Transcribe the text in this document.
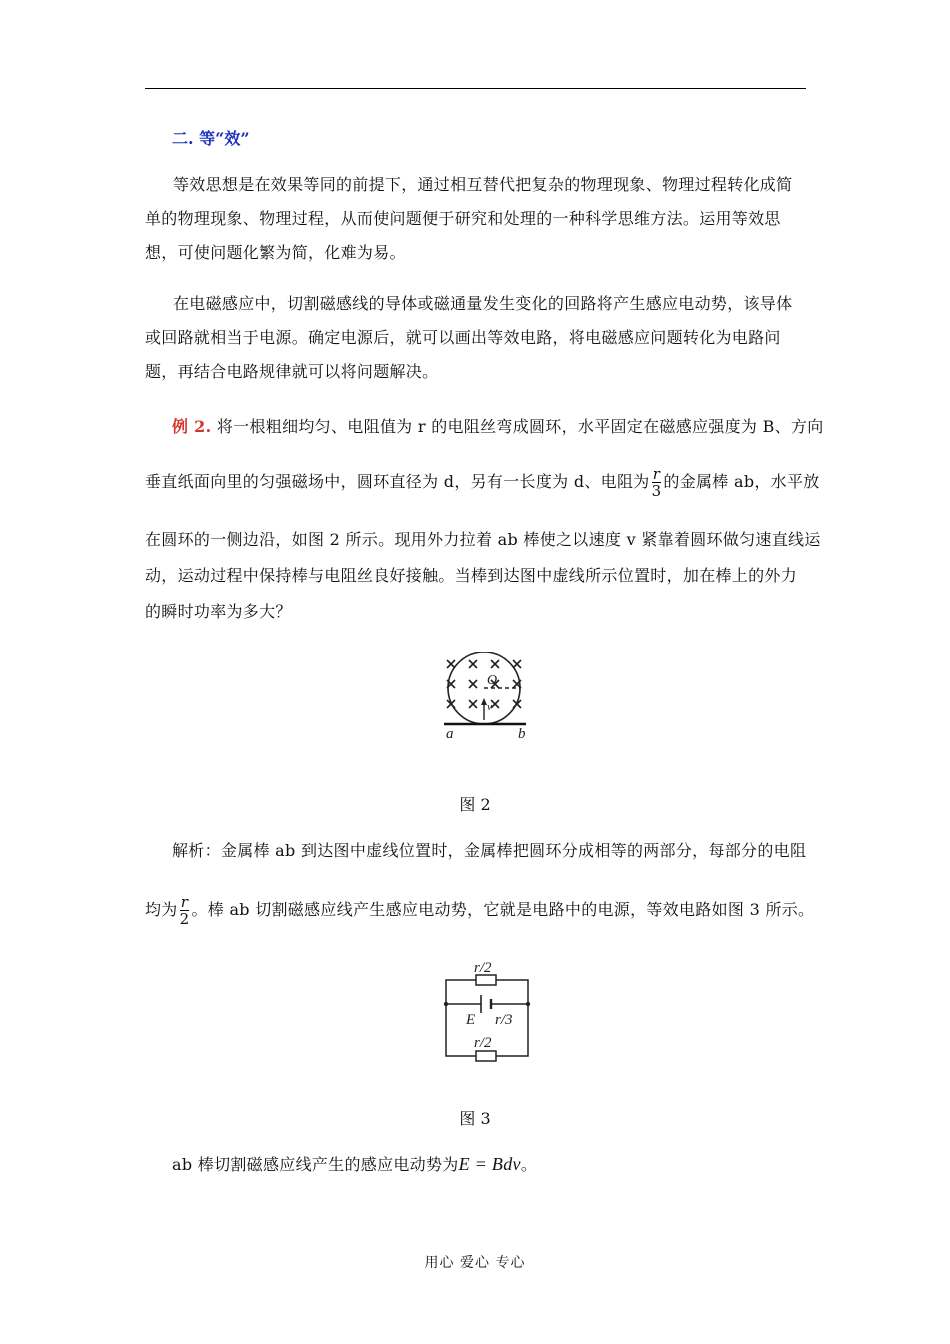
二. 等“效”
等效思想是在效果等同的前提下，通过相互替代把复杂的物理现象、物理过程转化成简单的物理现象、物理过程，从而使问题便于研究和处理的一种科学思维方法。运用等效思想，可使问题化繁为简，化难为易。
在电磁感应中，切割磁感线的导体或磁通量发生变化的回路将产生感应电动势，该导体或回路就相当于电源。确定电源后，就可以画出等效电路，将电磁感应问题转化为电路问题，再结合电路规律就可以将问题解决。
例 2. 将一根粗细均匀、电阻值为 r 的电阻丝弯成圆环，水平固定在磁感应强度为 B、方向
垂直纸面向里的匀强磁场中，圆环直径为 d，另有一长度为 d、电阻为 $\frac{r}{3}$ 的金属棒 ab，水平放
在圆环的一侧边沿，如图 2 所示。现用外力拉着 ab 棒使之以速度 v 紧靠着圆环做匀速直线运
动，运动过程中保持棒与电阻丝良好接触。当棒到达图中虚线所示位置时，加在棒上的外力
的瞬时功率为多大？
O
v
a	b
图 2
解析：金属棒 ab 到达图中虚线位置时，金属棒把圆环分成相等的两部分，每部分的电阻
均为 $\frac{r}{2}$ 。棒 ab 切割磁感应线产生感应电动势，它就是电路中的电源，等效电路如图 3 所示。
r/2
E r/3
r/2
图 3
ab 棒切割磁感应线产生的感应电动势为E = Bdv。
用心 爱心 专心
